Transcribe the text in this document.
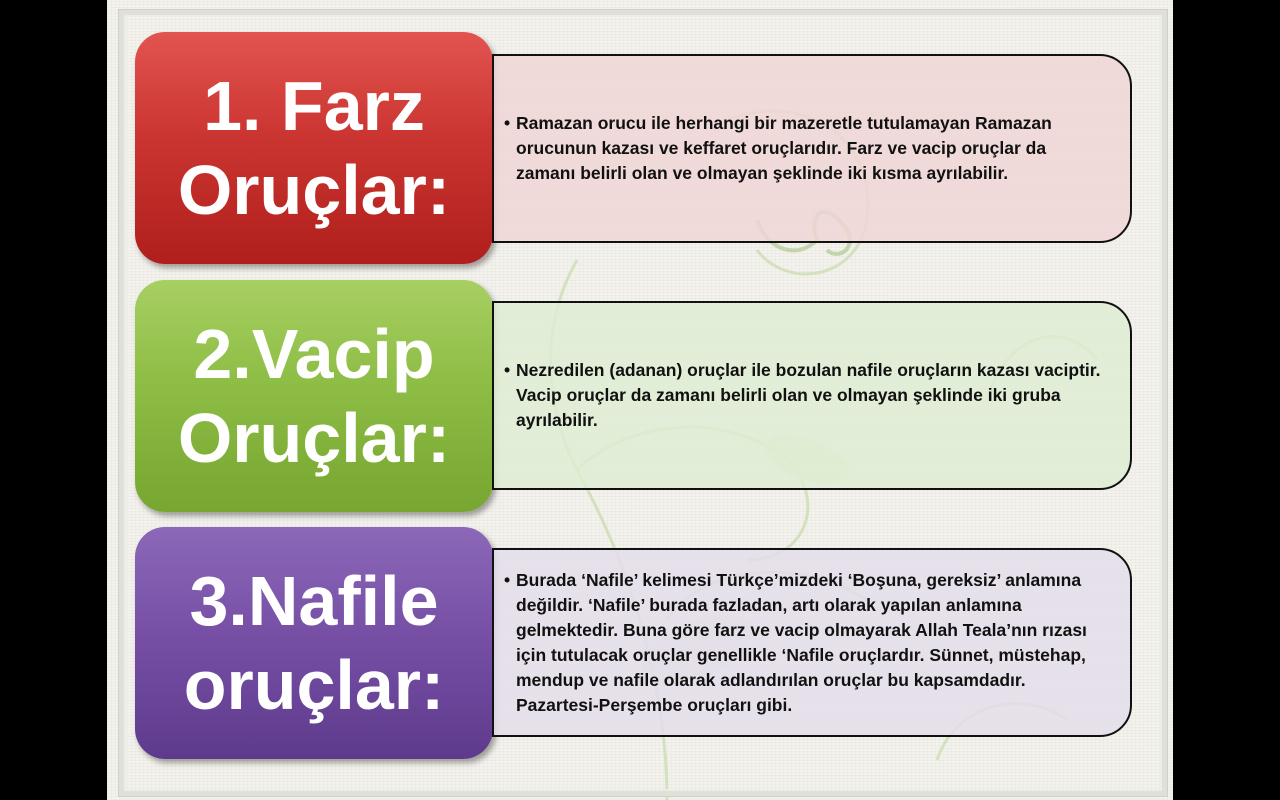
1. Farz
Oruçlar:
• Ramazan orucu ile herhangi bir mazeretle tutulamayan Ramazan orucunun kazası ve keffaret oruçlarıdır. Farz ve vacip oruçlar da zamanı belirli olan ve olmayan şeklinde iki kısma ayrılabilir.
2.Vacip
Oruçlar:
• Nezredilen (adanan) oruçlar ile bozulan nafile oruçların kazası vaciptir. Vacip oruçlar da zamanı belirli olan ve olmayan şeklinde iki gruba ayrılabilir.
3.Nafile
oruçlar:
• Burada ‘Nafile’ kelimesi Türkçe’mizdeki ‘Boşuna, gereksiz’ anlamına değildir. ‘Nafile’ burada fazladan, artı olarak yapılan anlamına gelmektedir. Buna göre farz ve vacip olmayarak Allah Teala’nın rızası için tutulacak oruçlar genellikle ‘Nafile oruçlardır. Sünnet, müstehap, mendup ve nafile olarak adlandırılan oruçlar bu kapsamdadır. Pazartesi-Perşembe oruçları gibi.
